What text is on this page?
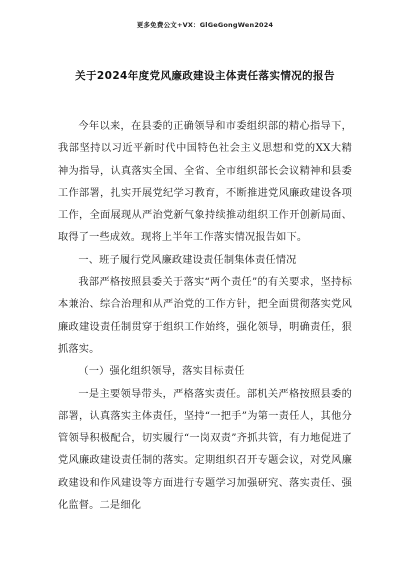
更多免费公文+VX：GlGeGongWen2024
关于2024年度党风廉政建设主体责任落实情况的报告

今年以来，在县委的正确领导和市委组织部的精心指导下，我部坚持以习近平新时代中国特色社会主义思想和党的XX大精神为指导，认真落实全国、全省、全市组织部长会议精神和县委工作部署，扎实开展党纪学习教育，不断推进党风廉政建设各项工作，全面展现从严治党新气象持续推动组织工作开创新局面、取得了一些成效。现将上半年工作落实情况报告如下。

一、班子履行党风廉政建设责任制集体责任情况

我部严格按照县委关于落实“两个责任”的有关要求，坚持标本兼治、综合治理和从严治党的工作方针，把全面贯彻落实党风廉政建设责任制贯穿于组织工作始终，强化领导，明确责任，狠抓落实。

（一）强化组织领导，落实目标责任

一是主要领导带头，严格落实责任。部机关严格按照县委的部署，认真落实主体责任，坚持“一把手”为第一责任人，其他分管领导积极配合，切实履行“一岗双责”齐抓共管，有力地促进了党风廉政建设责任制的落实。定期组织召开专题会议，对党风廉政建设和作风建设等方面进行专题学习加强研究、落实责任、强化监督。二是细化
